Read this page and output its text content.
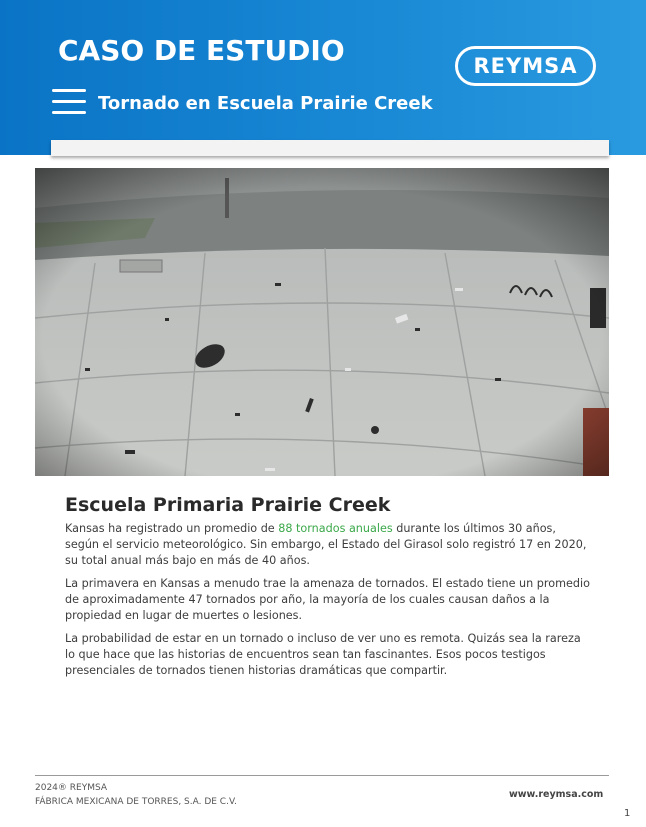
CASO DE ESTUDIO
Tornado en Escuela Prairie Creek
REYMSA
Escuela Primaria Prairie Creek

Kansas ha registrado un promedio de 88 tornados anuales durante los últimos 30 años, según el servicio meteorológico. Sin embargo, el Estado del Girasol solo registró 17 en 2020, su total anual más bajo en más de 40 años.

La primavera en Kansas a menudo trae la amenaza de tornados. El estado tiene un promedio de aproximadamente 47 tornados por año, la mayoría de los cuales causan daños a la propiedad en lugar de muertes o lesiones.

La probabilidad de estar en un tornado o incluso de ver uno es remota. Quizás sea la rareza lo que hace que las historias de encuentros sean tan fascinantes. Esos pocos testigos presenciales de tornados tienen historias dramáticas que compartir.

2024® REYMSA
FÁBRICA MEXICANA DE TORRES, S.A. DE C.V.
www.reymsa.com
1
